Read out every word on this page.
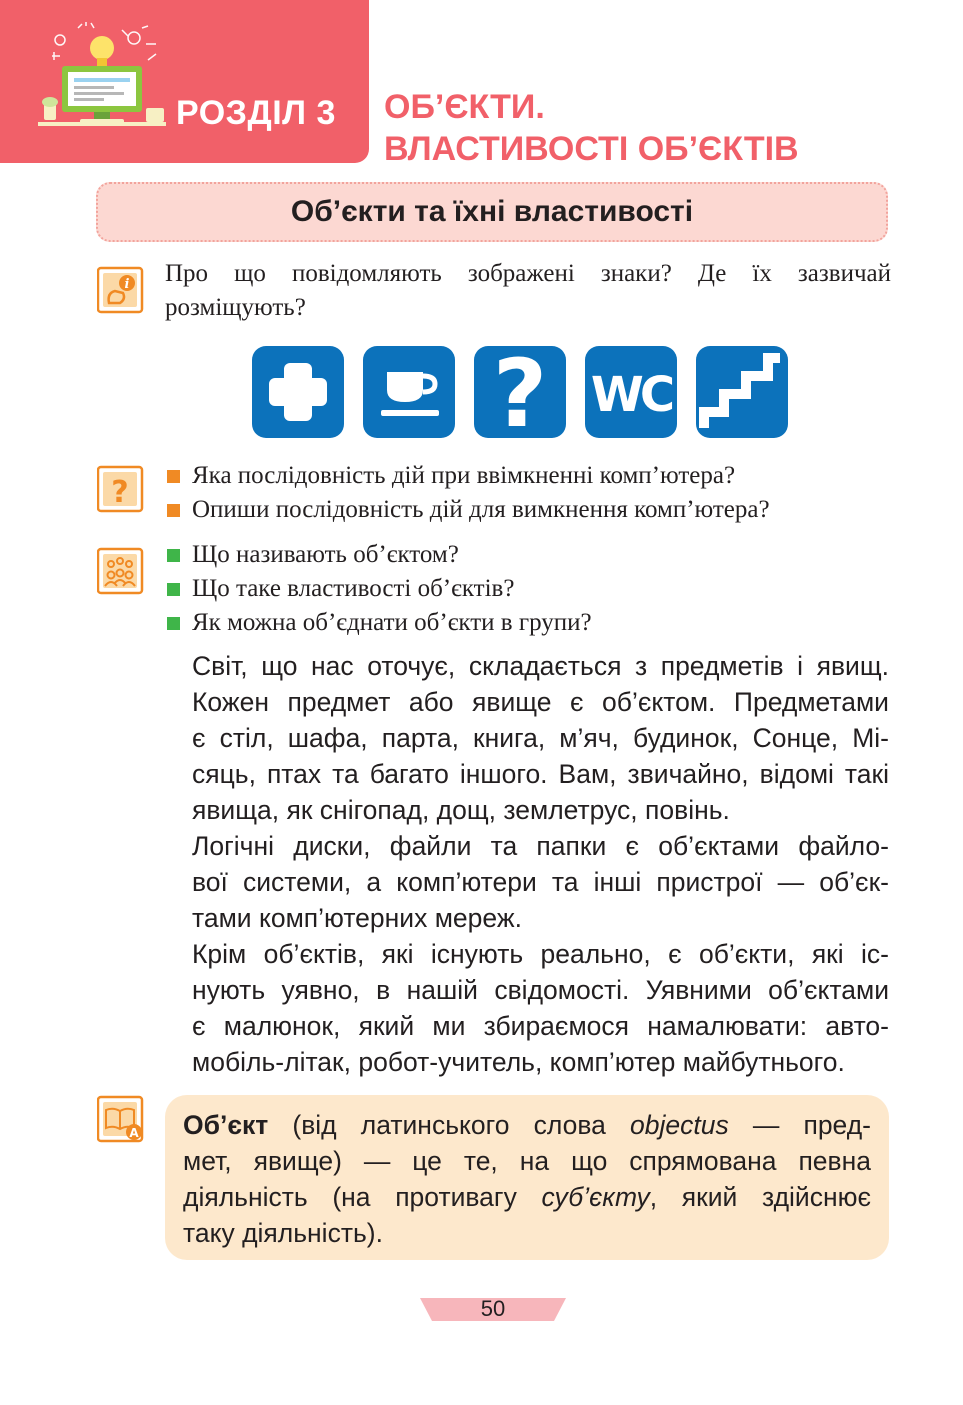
РОЗДІЛ 3 ОБ’ЄКТИ.
ВЛАСТИВОСТІ ОБ’ЄКТІВ
Об’єкти та їхні властивості
i Про що повідомляють зображені знаки? Де їх зазвичай розміщують?
? WC
?	Яка послідовність дій при ввімкненні комп’ютера?
Опиши послідовність дій для вимкнення комп’ютера?
Що називають об’єктом?
Що таке властивості об’єктів?
Як можна об’єднати об’єкти в групи?

Світ, що нас оточує, складається з предметів і явищ.
Кожен предмет або явище є об’єктом. Предметами
є стіл, шафа, парта, книга, м’яч, будинок, Сонце, Мі-
сяць, птах та багато іншого. Вам, звичайно, відомі такі
явища, як снігопад, дощ, землетрус, повінь.

Логічні диски, файли та папки є об’єктами файло-
вої системи, а комп’ютери та інші пристрої — об’єк-
тами комп’ютерних мереж.

Крім об’єктів, які існують реально, є об’єкти, які іс-
нують уявно, в нашій свідомості. Уявними об’єктами
є малюнок, який ми збираємося намалювати: авто-
мобіль-літак, робот-учитель, комп’ютер майбутнього.

A Об’єкт (від латинського слова objectus — пред-
мет, явище) — це те, на що спрямована певна
діяльність (на противагу суб’єкту, який здійснює
таку діяльність).
50
